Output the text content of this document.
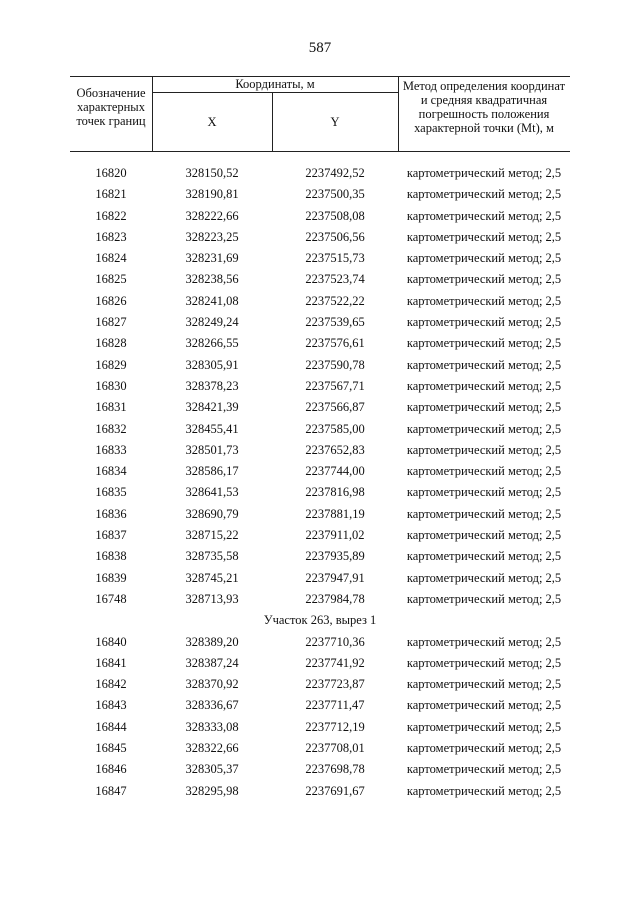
587
Обозначение характерных точек границ
Координаты, м
X	Y
Метод определения координат и средняя квадратичная погрешность положения характерной точки (Mt), м
16820	328150,52	2237492,52	картометрический метод; 2,5
16821	328190,81	2237500,35	картометрический метод; 2,5
16822	328222,66	2237508,08	картометрический метод; 2,5
16823	328223,25	2237506,56	картометрический метод; 2,5
16824	328231,69	2237515,73	картометрический метод; 2,5
16825	328238,56	2237523,74	картометрический метод; 2,5
16826	328241,08	2237522,22	картометрический метод; 2,5
16827	328249,24	2237539,65	картометрический метод; 2,5
16828	328266,55	2237576,61	картометрический метод; 2,5
16829	328305,91	2237590,78	картометрический метод; 2,5
16830	328378,23	2237567,71	картометрический метод; 2,5
16831	328421,39	2237566,87	картометрический метод; 2,5
16832	328455,41	2237585,00	картометрический метод; 2,5
16833	328501,73	2237652,83	картометрический метод; 2,5
16834	328586,17	2237744,00	картометрический метод; 2,5
16835	328641,53	2237816,98	картометрический метод; 2,5
16836	328690,79	2237881,19	картометрический метод; 2,5
16837	328715,22	2237911,02	картометрический метод; 2,5
16838	328735,58	2237935,89	картометрический метод; 2,5
16839	328745,21	2237947,91	картометрический метод; 2,5
16748	328713,93	2237984,78	картометрический метод; 2,5
Участок 263, вырез 1
16840	328389,20	2237710,36	картометрический метод; 2,5
16841	328387,24	2237741,92	картометрический метод; 2,5
16842	328370,92	2237723,87	картометрический метод; 2,5
16843	328336,67	2237711,47	картометрический метод; 2,5
16844	328333,08	2237712,19	картометрический метод; 2,5
16845	328322,66	2237708,01	картометрический метод; 2,5
16846	328305,37	2237698,78	картометрический метод; 2,5
16847	328295,98	2237691,67	картометрический метод; 2,5
